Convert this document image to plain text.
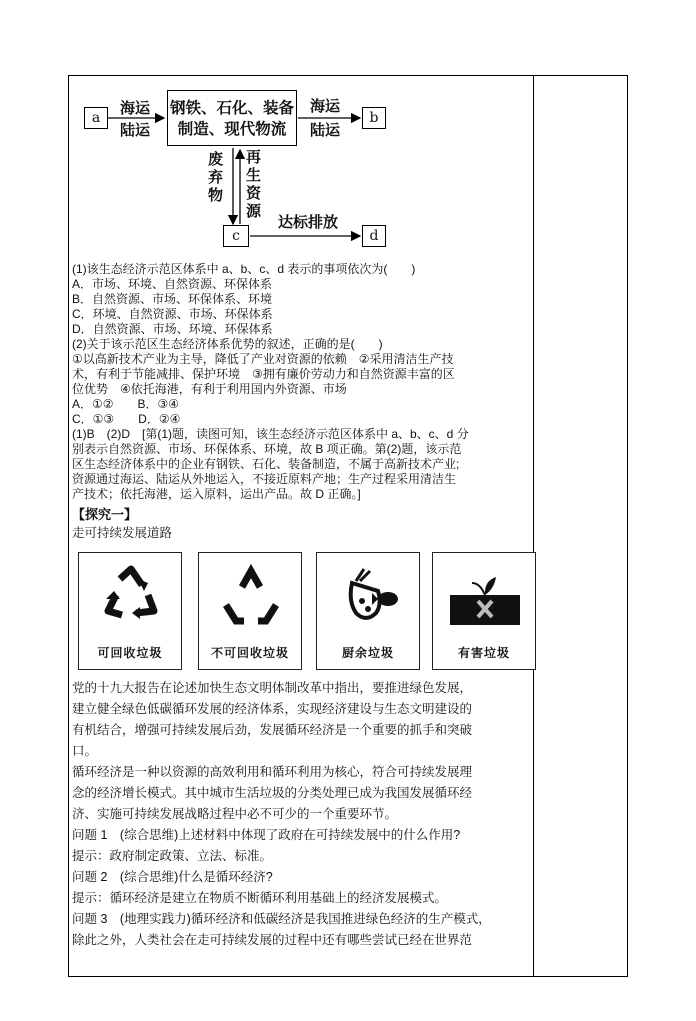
a
钢铁、石化、装备
制造、现代物流
b
c	d
海运
陆运
海运
陆运
废
弃
物
再
生
资
源
达标排放

(1)该生态经济示范区体系中 a、b、c、d 表示的事项依次为(　　)

A．市场、环境、自然资源、环保体系

B．自然资源、市场、环保体系、环境

C．环境、自然资源、市场、环保体系

D．自然资源、市场、环境、环保体系

(2)关于该示范区生态经济体系优势的叙述，正确的是(　　)

①以高新技术产业为主导，降低了产业对资源的依赖　②采用清洁生产技

术，有利于节能减排、保护环境　③拥有廉价劳动力和自然资源丰富的区

位优势　④依托海港，有利于利用国内外资源、市场

A．①②　　B．③④

C．①③　　D．②④

(1)B　(2)D　[第(1)题，读图可知，该生态经济示范区体系中 a、b、c、d 分

别表示自然资源、市场、环保体系、环境，故 B 项正确。第(2)题，该示范

区生态经济体系中的企业有钢铁、石化、装备制造，不属于高新技术产业;

资源通过海运、陆运从外地运入，不接近原料产地；生产过程采用清洁生

产技术；依托海港，运入原料，运出产品。故 D 正确。]

【探究一】

走可持续发展道路

可回收垃圾	不可回收垃圾	厨余垃圾	有害垃圾

党的十九大报告在论述加快生态文明体制改革中指出，要推进绿色发展，

建立健全绿色低碳循环发展的经济体系，实现经济建设与生态文明建设的

有机结合，增强可持续发展后劲，发展循环经济是一个重要的抓手和突破

口。

循环经济是一种以资源的高效利用和循环利用为核心，符合可持续发展理

念的经济增长模式。其中城市生活垃圾的分类处理已成为我国发展循环经

济、实施可持续发展战略过程中必不可少的一个重要环节。

问题 1　(综合思维)上述材料中体现了政府在可持续发展中的什么作用?

提示：政府制定政策、立法、标准。

问题 2　(综合思维)什么是循环经济?

提示：循环经济是建立在物质不断循环利用基础上的经济发展模式。

问题 3　(地理实践力)循环经济和低碳经济是我国推进绿色经济的生产模式，

除此之外，人类社会在走可持续发展的过程中还有哪些尝试已经在世界范
